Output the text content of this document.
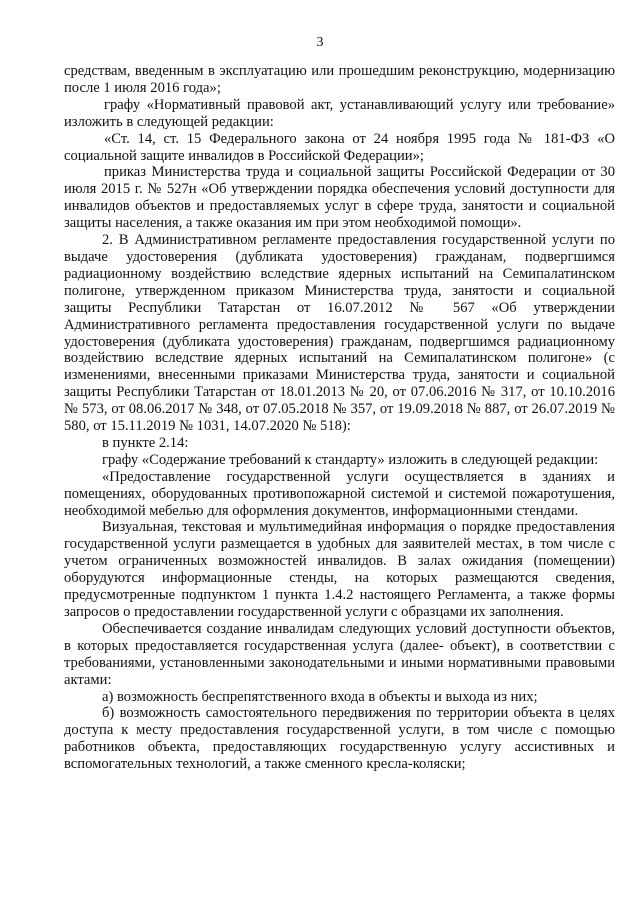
3

средствам, введенным в эксплуатацию или прошедшим реконструкцию, модернизацию после 1 июля 2016 года»;

графу «Нормативный правовой акт, устанавливающий услугу или требование» изложить в следующей редакции:

«Ст. 14, ст. 15 Федерального закона от 24 ноября 1995 года № 181-ФЗ «О социальной защите инвалидов в Российской Федерации»;

приказ Министерства труда и социальной защиты Российской Федерации от 30 июля 2015 г. № 527н «Об утверждении порядка обеспечения условий доступности для инвалидов объектов и предоставляемых услуг в сфере труда, занятости и социальной защиты населения, а также оказания им при этом необходимой помощи».

2. В Административном регламенте предоставления государственной услуги по выдаче удостоверения (дубликата удостоверения) гражданам, подвергшимся радиационному воздействию вследствие ядерных испытаний на Семипалатинском полигоне, утвержденном приказом Министерства труда, занятости и социальной защиты Республики Татарстан от 16.07.2012 № 567 «Об утверждении Административного регламента предоставления государственной услуги по выдаче удостоверения (дубликата удостоверения) гражданам, подвергшимся радиационному воздействию вследствие ядерных испытаний на Семипалатинском полигоне» (с изменениями, внесенными приказами Министерства труда, занятости и социальной защиты Республики Татарстан от 18.01.2013 № 20, от 07.06.2016 № 317, от 10.10.2016 № 573, от 08.06.2017 № 348, от 07.05.2018 № 357, от 19.09.2018 № 887, от 26.07.2019 № 580, от 15.11.2019 № 1031, 14.07.2020 № 518):

в пункте 2.14:

графу «Содержание требований к стандарту» изложить в следующей редакции:

«Предоставление государственной услуги осуществляется в зданиях и помещениях, оборудованных противопожарной системой и системой пожаротушения, необходимой мебелью для оформления документов, информационными стендами.

Визуальная, текстовая и мультимедийная информация о порядке предоставления государственной услуги размещается в удобных для заявителей местах, в том числе с учетом ограниченных возможностей инвалидов. В залах ожидания (помещении) оборудуются информационные стенды, на которых размещаются сведения, предусмотренные подпунктом 1 пункта 1.4.2 настоящего Регламента, а также формы запросов о предоставлении государственной услуги с образцами их заполнения.

Обеспечивается создание инвалидам следующих условий доступности объектов, в которых предоставляется государственная услуга (далее- объект), в соответствии с требованиями, установленными законодательными и иными нормативными правовыми актами:

а) возможность беспрепятственного входа в объекты и выхода из них;

б) возможность самостоятельного передвижения по территории объекта в целях доступа к месту предоставления государственной услуги, в том числе с помощью работников объекта, предоставляющих государственную услугу ассистивных и вспомогательных технологий, а также сменного кресла-коляски;
